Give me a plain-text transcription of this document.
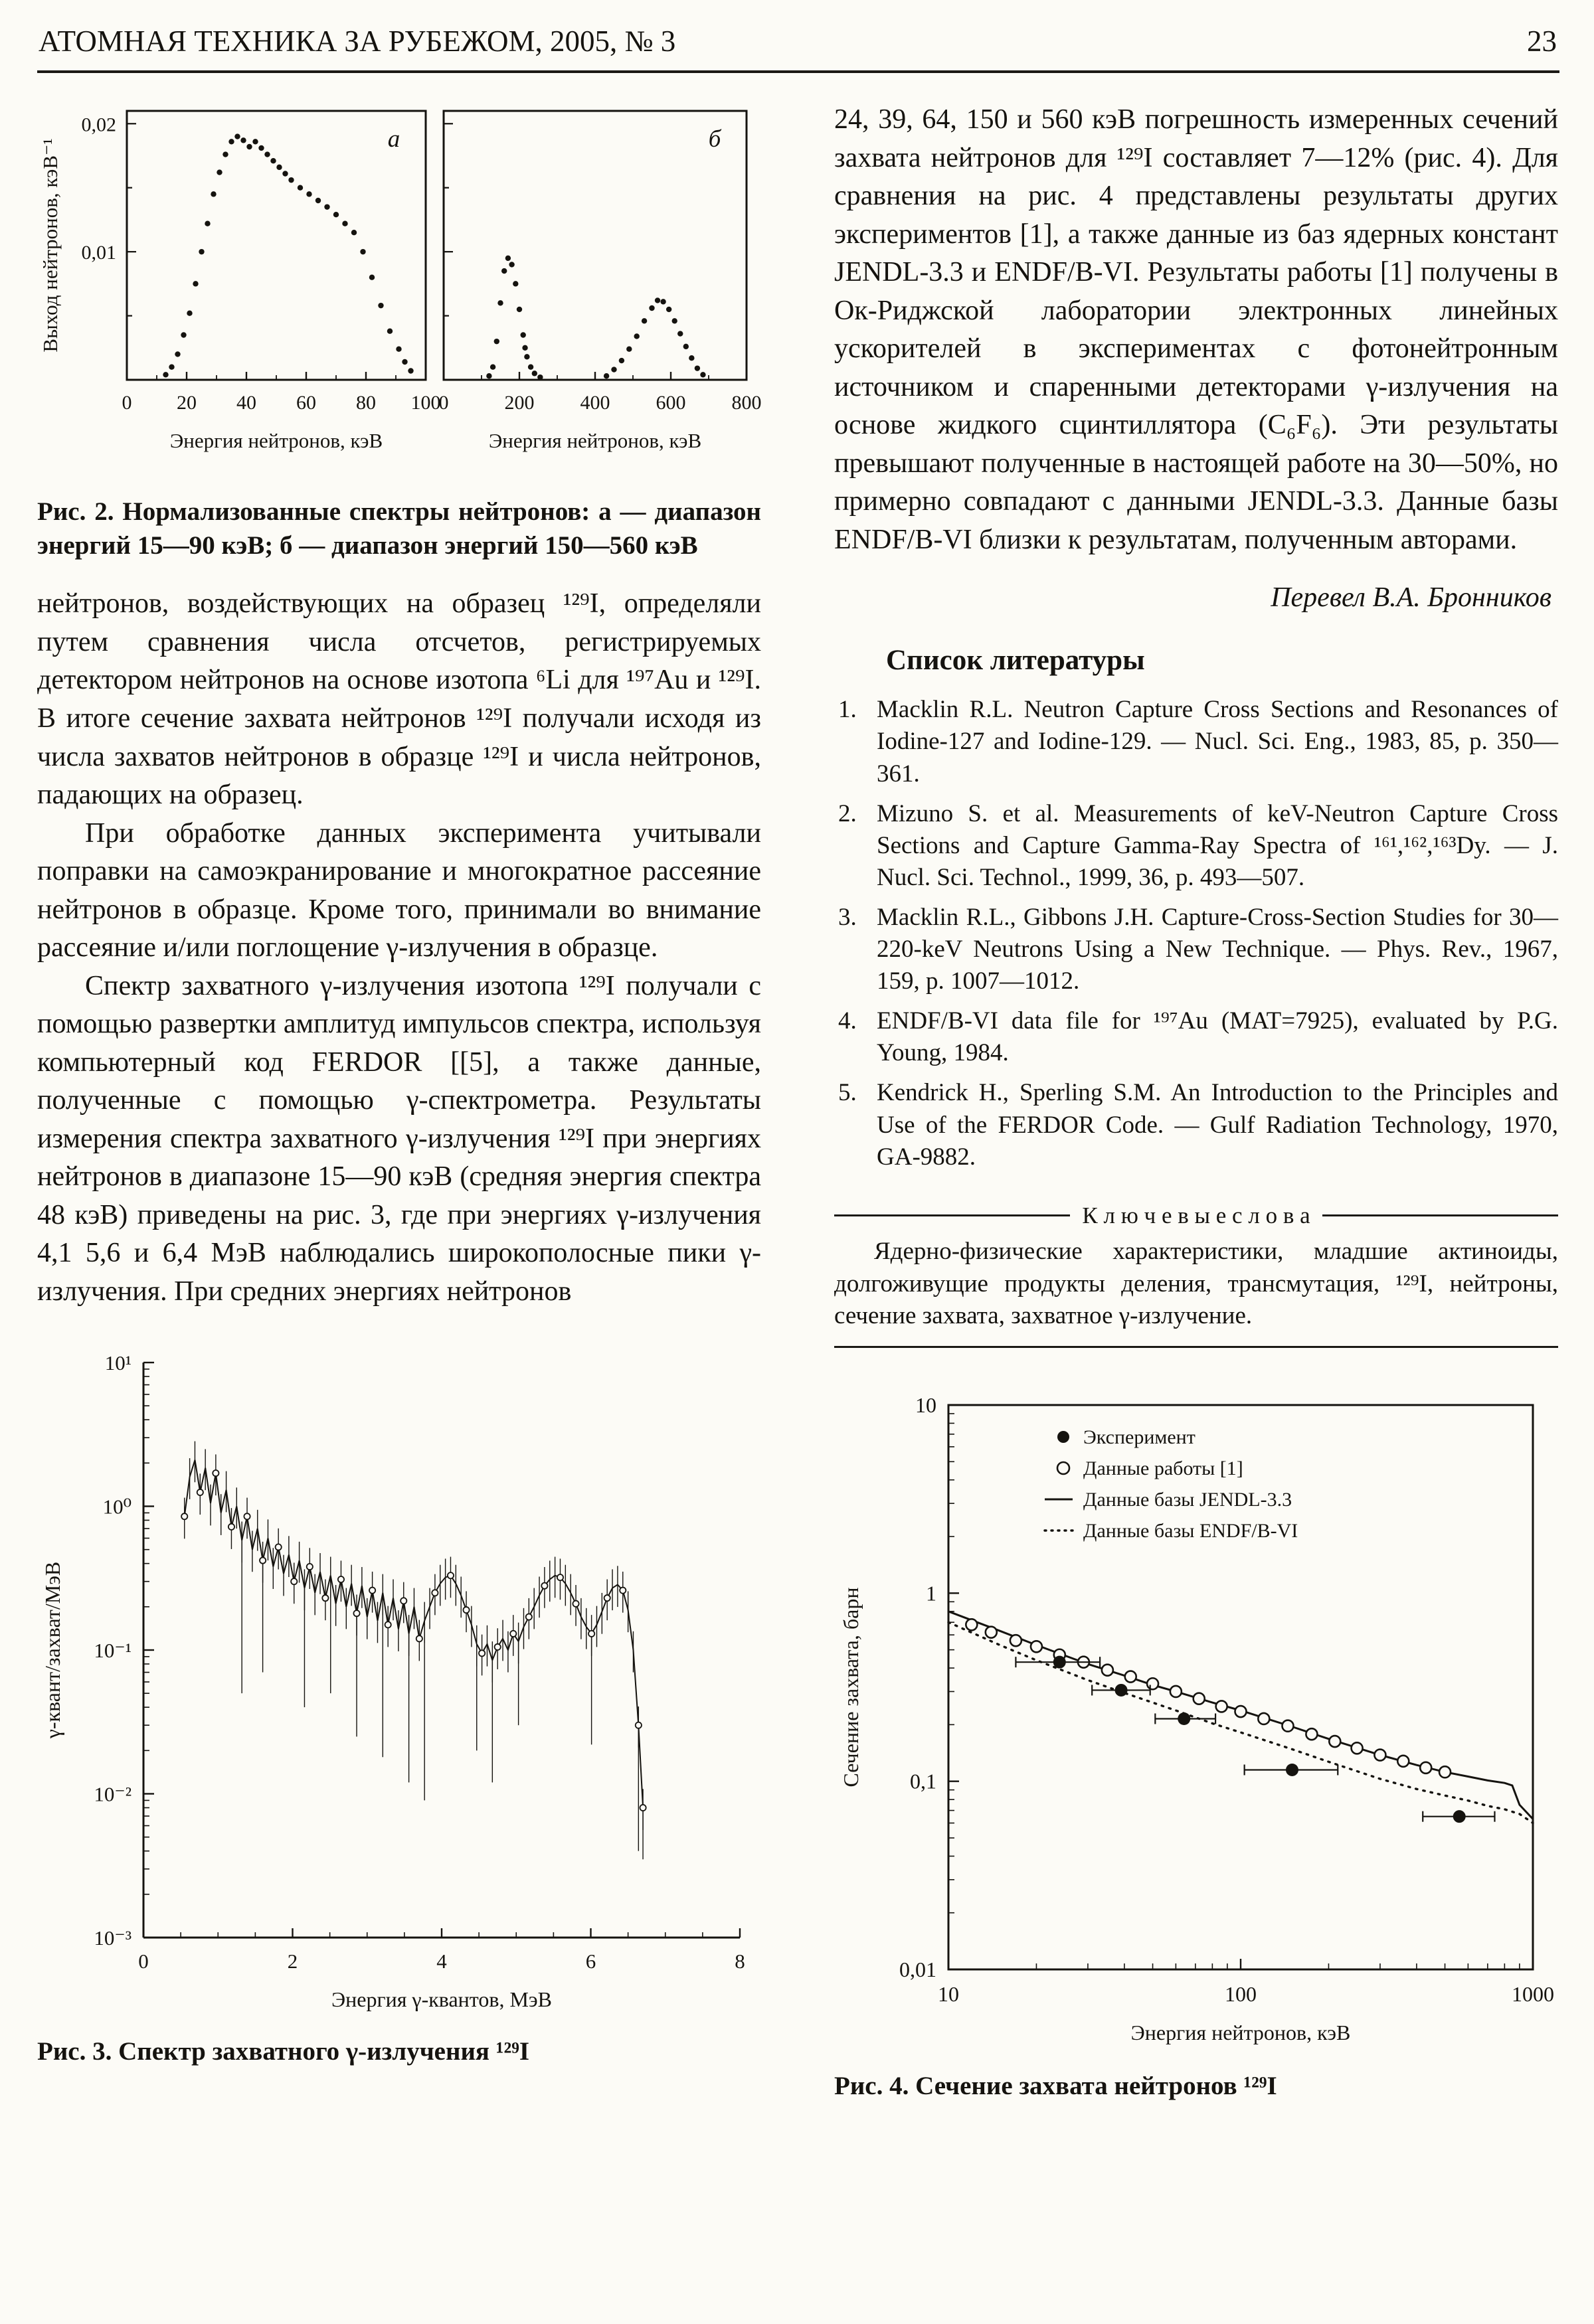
АТОМНАЯ ТЕХНИКА ЗА РУБЕЖОМ, 2005, № 3	23
0 20 40 60 80 100
а
Энергия нейтронов, кэВ
0	200 400 600 800
б
Энергия нейтронов, кэВ
0,01
0,02
Выход нейтронов, кэВ⁻¹
Рис. 2. Нормализованные спектры нейтронов: а — диапазон энергий 15—90 кэВ; б — диапазон энергий 150—560 кэВ

нейтронов, воздействующих на образец ¹²⁹I, определяли путем сравнения числа отсчетов, регистрируемых детектором нейтронов на основе изотопа ⁶Li для ¹⁹⁷Au и ¹²⁹I. В итоге сечение захвата нейтронов ¹²⁹I получали исходя из числа захватов нейтронов в образце ¹²⁹I и числа нейтронов, падающих на образец.

При обработке данных эксперимента учитывали поправки на самоэкранирование и многократное рассеяние нейтронов в образце. Кроме того, принимали во внимание рассеяние и/или поглощение γ-излучения в образце.

Спектр захватного γ-излучения изотопа ¹²⁹I получали с помощью развертки амплитуд импульсов спектра, используя компьютерный код FERDOR [[5], а также данные, полученные с помощью γ-спектрометра. Результаты измерения спектра захватного γ-излучения ¹²⁹I при энергиях нейтронов в диапазоне 15—90 кэВ (средняя энергия спектра 48 кэВ) приведены на рис. 3, где при энергиях γ-излучения 4,1 5,6 и 6,4 МэВ наблюдались широкополосные пики γ-излучения. При средних энергиях нейтронов

10¹
10⁰
10⁻¹
10⁻²
10⁻³
0	2	4	6	8
Энергия γ-квантов, МэВ
γ-квант/захват/МэВ
Рис. 3. Спектр захватного γ-излучения ¹²⁹I

24, 39, 64, 150 и 560 кэВ погрешность измеренных сечений захвата нейтронов для ¹²⁹I составляет 7—12% (рис. 4). Для сравнения на рис. 4 представлены результаты других экспериментов [1], а также данные из баз ядерных констант JENDL-3.3 и ENDF/B-VI. Результаты работы [1] получены в Ок-Риджской лаборатории электронных линейных ускорителей в экспериментах с фотонейтронным источником и спаренными детекторами γ-излучения на основе жидкого сцинтиллятора (C₆F₆). Эти результаты превышают полученные в настоящей работе на 30—50%, но примерно совпадают с данными JENDL-3.3. Данные базы ENDF/B-VI близки к результатам, полученным авторами.

Перевел В.А. Бронников
Список литературы
1. Macklin R.L. Neutron Capture Cross Sections and Resonances of Iodine-127 and Iodine-129. — Nucl. Sci. Eng., 1983, 85, p. 350—361.
2. Mizuno S. et al. Measurements of keV-Neutron Capture Cross Sections and Capture Gamma-Ray Spectra of ¹⁶¹,¹⁶²,¹⁶³Dy. — J. Nucl. Sci. Technol., 1999, 36, p. 493—507.
3. Macklin R.L., Gibbons J.H. Capture-Cross-Section Studies for 30—220-keV Neutrons Using a New Technique. — Phys. Rev., 1967, 159, p. 1007—1012.
4. ENDF/B-VI data file for ¹⁹⁷Au (MAT=7925), evaluated by P.G. Young, 1984.
5. Kendrick H., Sperling S.M. An Introduction to the Principles and Use of the FERDOR Code. — Gulf Radiation Technology, 1970, GA-9882.
К л ю ч е в ы е с л о в а

Ядерно-физические характеристики, младшие актиноиды, долгоживущие продукты деления, трансмутация, ¹²⁹I, нейтроны, сечение захвата, захватное γ-излучение.

10
1
0,1
0,01
10	100	1000
Эксперимент
Данные работы [1]
Данные базы JENDL-3.3
Данные базы ENDF/B-VI
Энергия нейтронов, кэВ
Сечение захвата, барн
Рис. 4. Сечение захвата нейтронов ¹²⁹I
